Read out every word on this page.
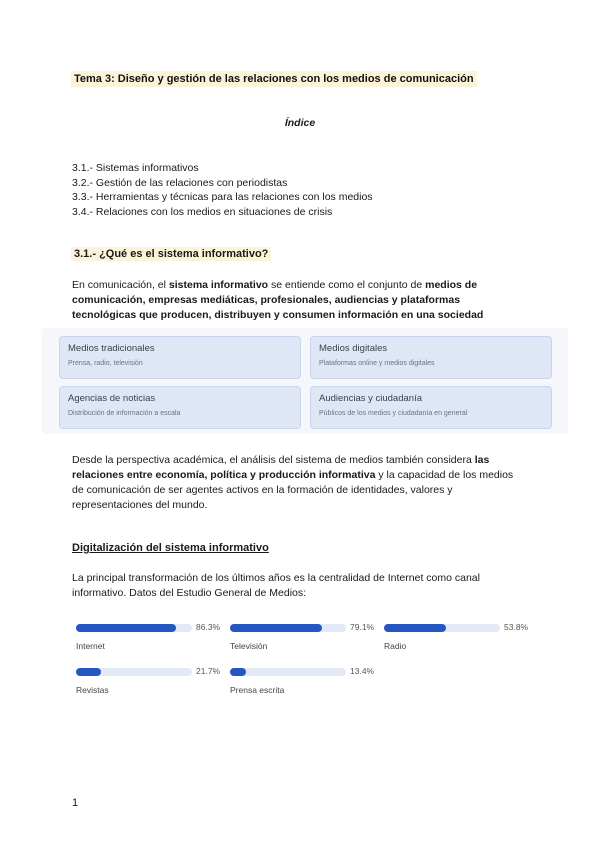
Tema 3: Diseño y gestión de las relaciones con los medios de comunicación
Índice
3.1.- Sistemas informativos
3.2.- Gestión de las relaciones con periodistas
3.3.- Herramientas y técnicas para las relaciones con los medios
3.4.- Relaciones con los medios en situaciones de crisis
3.1.- ¿Qué es el sistema informativo?
En comunicación, el sistema informativo se entiende como el conjunto de medios de comunicación, empresas mediáticas, profesionales, audiencias y plataformas tecnológicas que producen, distribuyen y consumen información en una sociedad
Medios tradicionales
Prensa, radio, televisión
Medios digitales
Plataformas online y medios digitales
Agencias de noticias
Distribución de información a escala
Audiencias y ciudadanía
Públicos de los medios y ciudadanía en general
Desde la perspectiva académica, el análisis del sistema de medios también considera las relaciones entre economía, política y producción informativa y la capacidad de los medios de comunicación de ser agentes activos en la formación de identidades, valores y representaciones del mundo.
Digitalización del sistema informativo
La principal transformación de los últimos años es la centralidad de Internet como canal informativo. Datos del Estudio General de Medios:
86.3%
Internet
79.1%
Televisión
53.8%
Radio
21.7%
Revistas
13.4%
Prensa escrita
1
